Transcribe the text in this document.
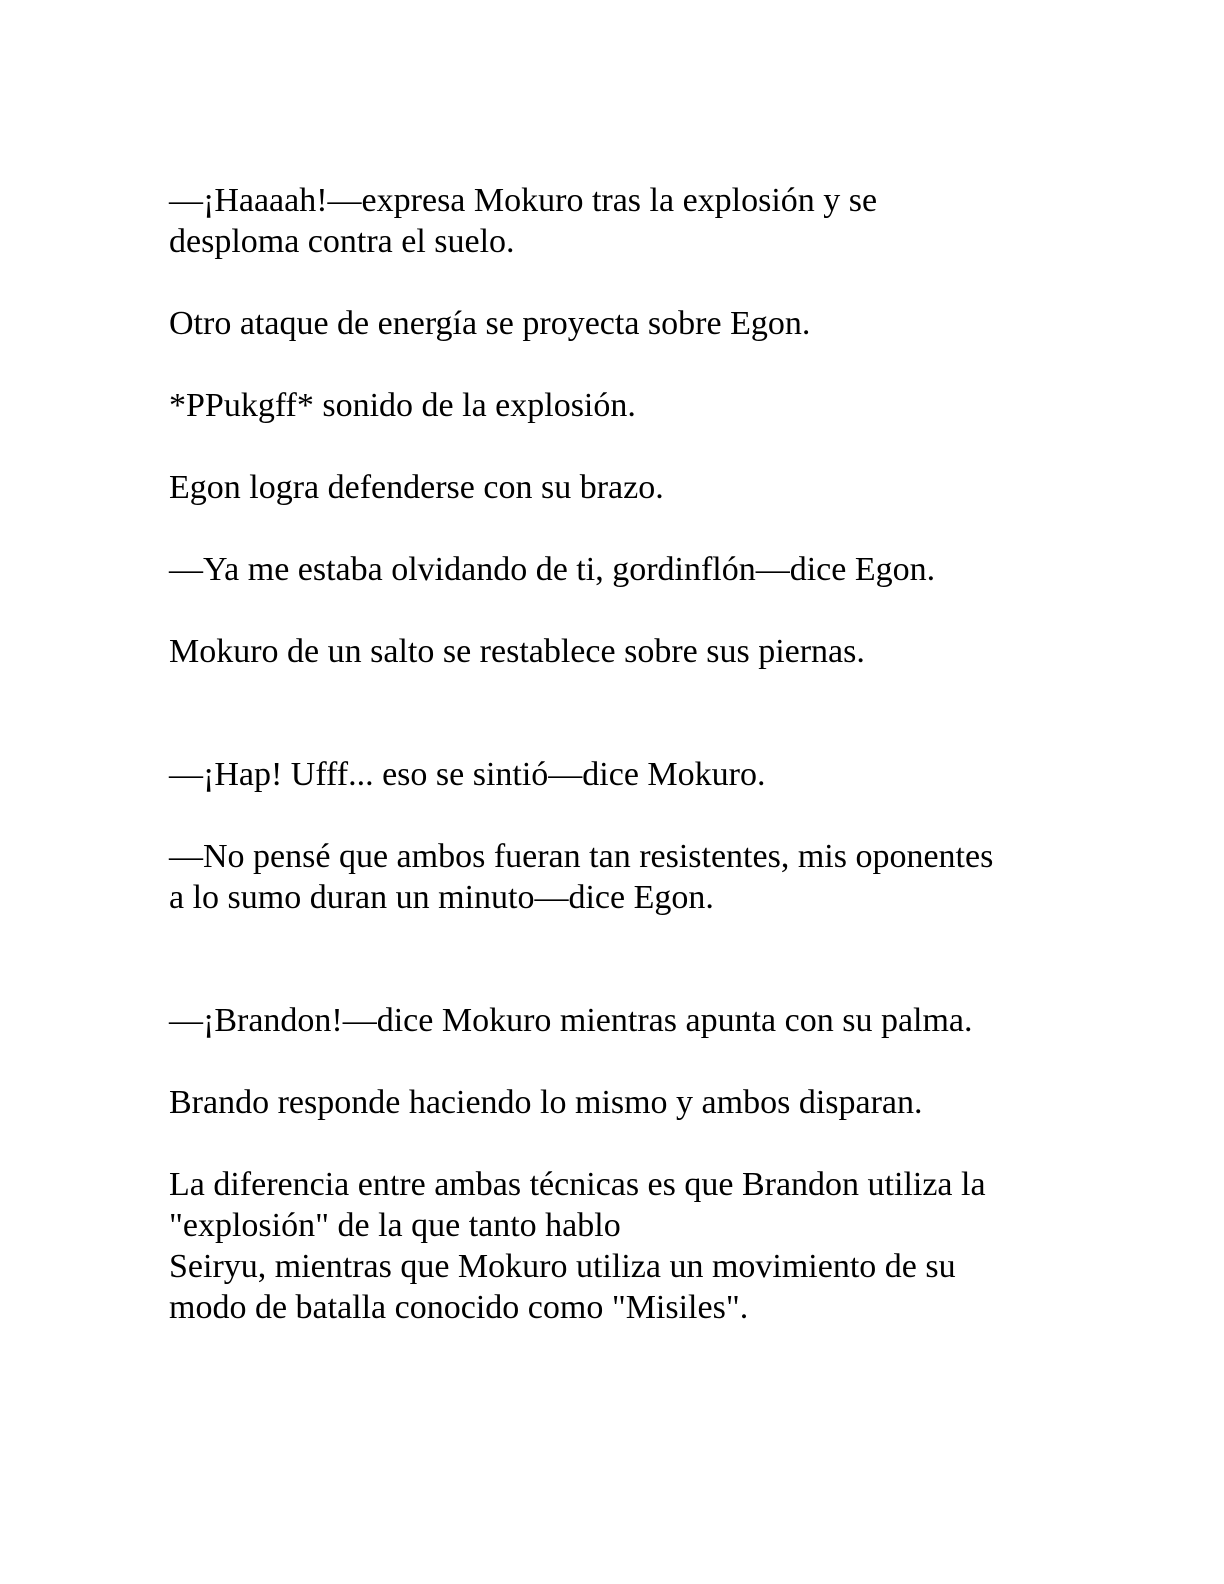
—¡Haaaah!—expresa Mokuro tras la explosión y se
desploma contra el suelo.

Otro ataque de energía se proyecta sobre Egon.

*PPukgff* sonido de la explosión.

Egon logra defenderse con su brazo.

—Ya me estaba olvidando de ti, gordinflón—dice Egon.

Mokuro de un salto se restablece sobre sus piernas.

—¡Hap! Ufff... eso se sintió—dice Mokuro.

—No pensé que ambos fueran tan resistentes, mis oponentes
a lo sumo duran un minuto—dice Egon.

—¡Brandon!—dice Mokuro mientras apunta con su palma.

Brando responde haciendo lo mismo y ambos disparan.

La diferencia entre ambas técnicas es que Brandon utiliza la
"explosión" de la que tanto hablo
Seiryu, mientras que Mokuro utiliza un movimiento de su
modo de batalla conocido como "Misiles".
